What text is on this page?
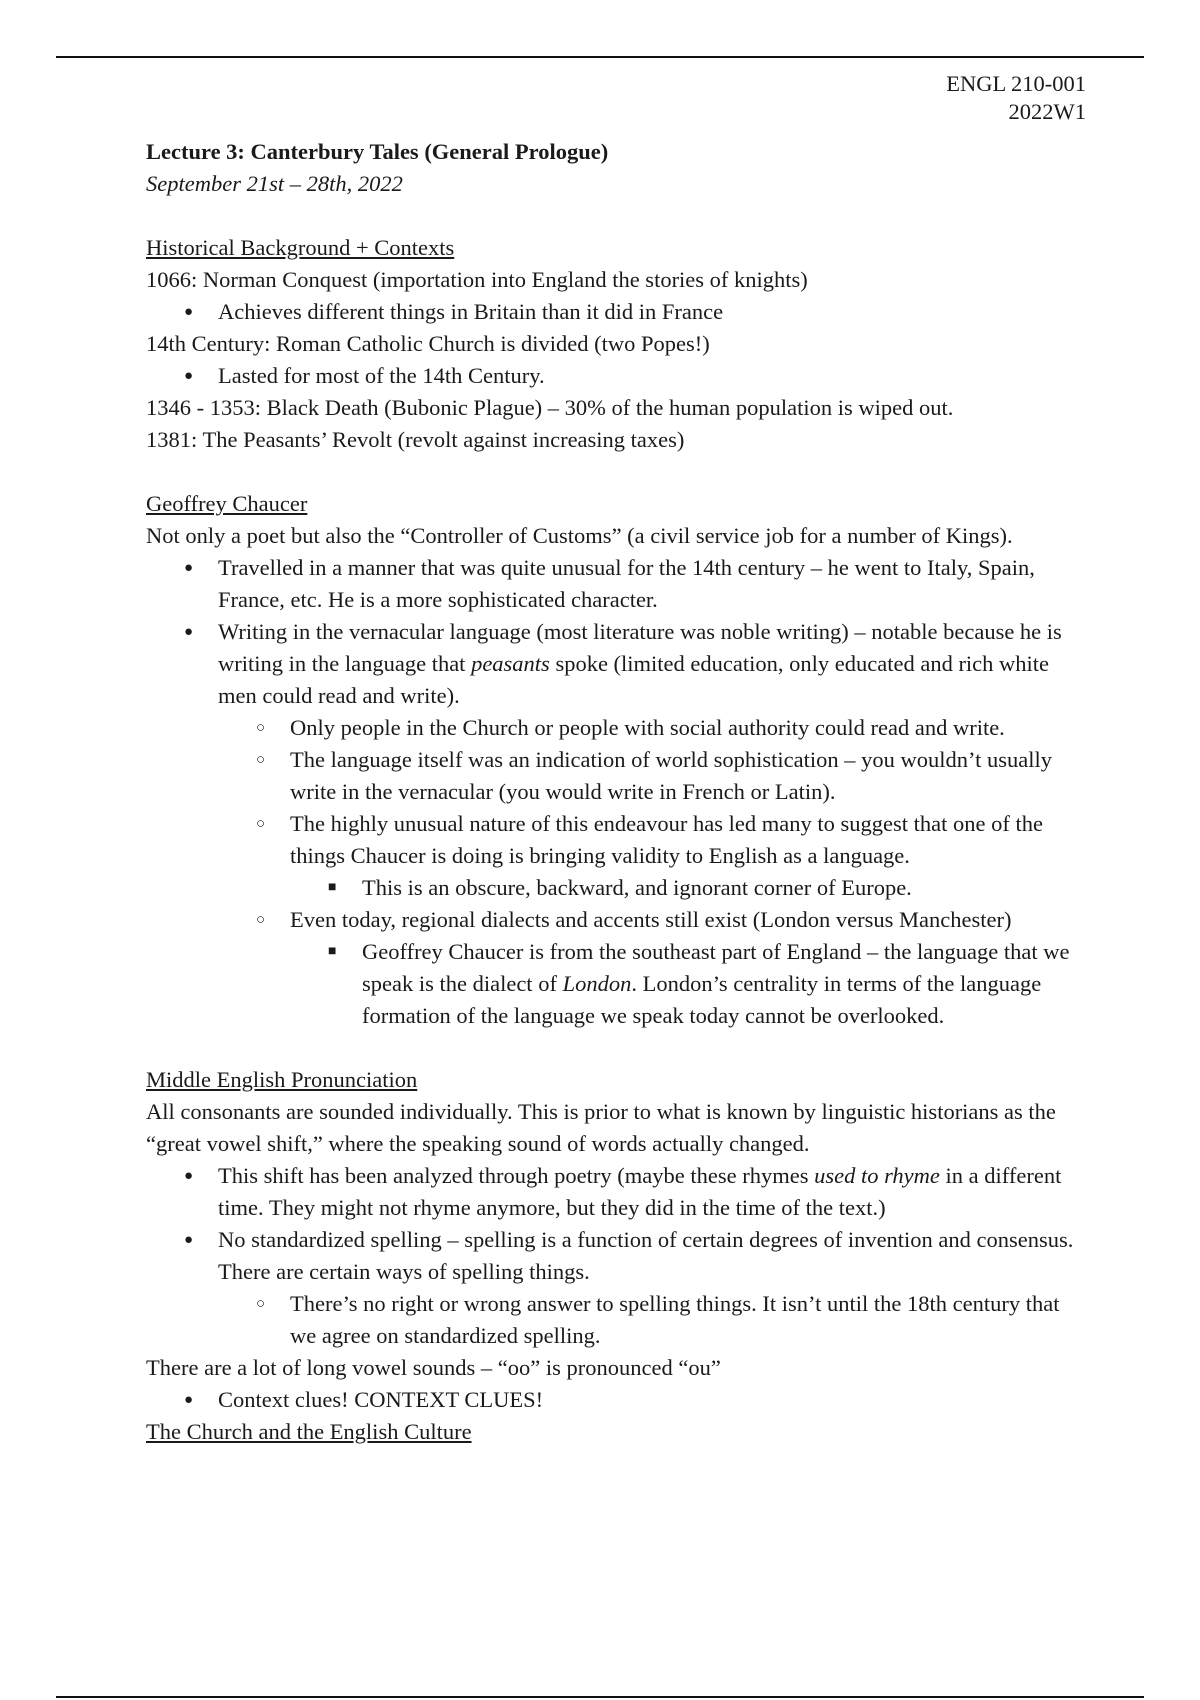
ENGL 210-001
2022W1

Lecture 3: Canterbury Tales (General Prologue)

September 21st – 28th, 2022

Historical Background + Contexts

1066: Norman Conquest (importation into England the stories of knights)

● Achieves different things in Britain than it did in France

14th Century: Roman Catholic Church is divided (two Popes!)

● Lasted for most of the 14th Century.

1346 - 1353: Black Death (Bubonic Plague) – 30% of the human population is wiped out.

1381: The Peasants’ Revolt (revolt against increasing taxes)

Geoffrey Chaucer

Not only a poet but also the “Controller of Customs” (a civil service job for a number of Kings).

● Travelled in a manner that was quite unusual for the 14th century – he went to Italy, Spain, France, etc. He is a more sophisticated character.
● Writing in the vernacular language (most literature was noble writing) – notable because he is writing in the language that peasants spoke (limited education, only educated and rich white men could read and write).
○ Only people in the Church or people with social authority could read and write.
○ The language itself was an indication of world sophistication – you wouldn’t usually write in the vernacular (you would write in French or Latin).
○ The highly unusual nature of this endeavour has led many to suggest that one of the things Chaucer is doing is bringing validity to English as a language.
■ This is an obscure, backward, and ignorant corner of Europe.
○ Even today, regional dialects and accents still exist (London versus Manchester)
■ Geoffrey Chaucer is from the southeast part of England – the language that we speak is the dialect of London. London’s centrality in terms of the language formation of the language we speak today cannot be overlooked.

Middle English Pronunciation

All consonants are sounded individually. This is prior to what is known by linguistic historians as the “great vowel shift,” where the speaking sound of words actually changed.

● This shift has been analyzed through poetry (maybe these rhymes used to rhyme in a different time. They might not rhyme anymore, but they did in the time of the text.)
● No standardized spelling – spelling is a function of certain degrees of invention and consensus. There are certain ways of spelling things.
○ There’s no right or wrong answer to spelling things. It isn’t until the 18th century that we agree on standardized spelling.

There are a lot of long vowel sounds – “oo” is pronounced “ou”

● Context clues! CONTEXT CLUES!

The Church and the English Culture
